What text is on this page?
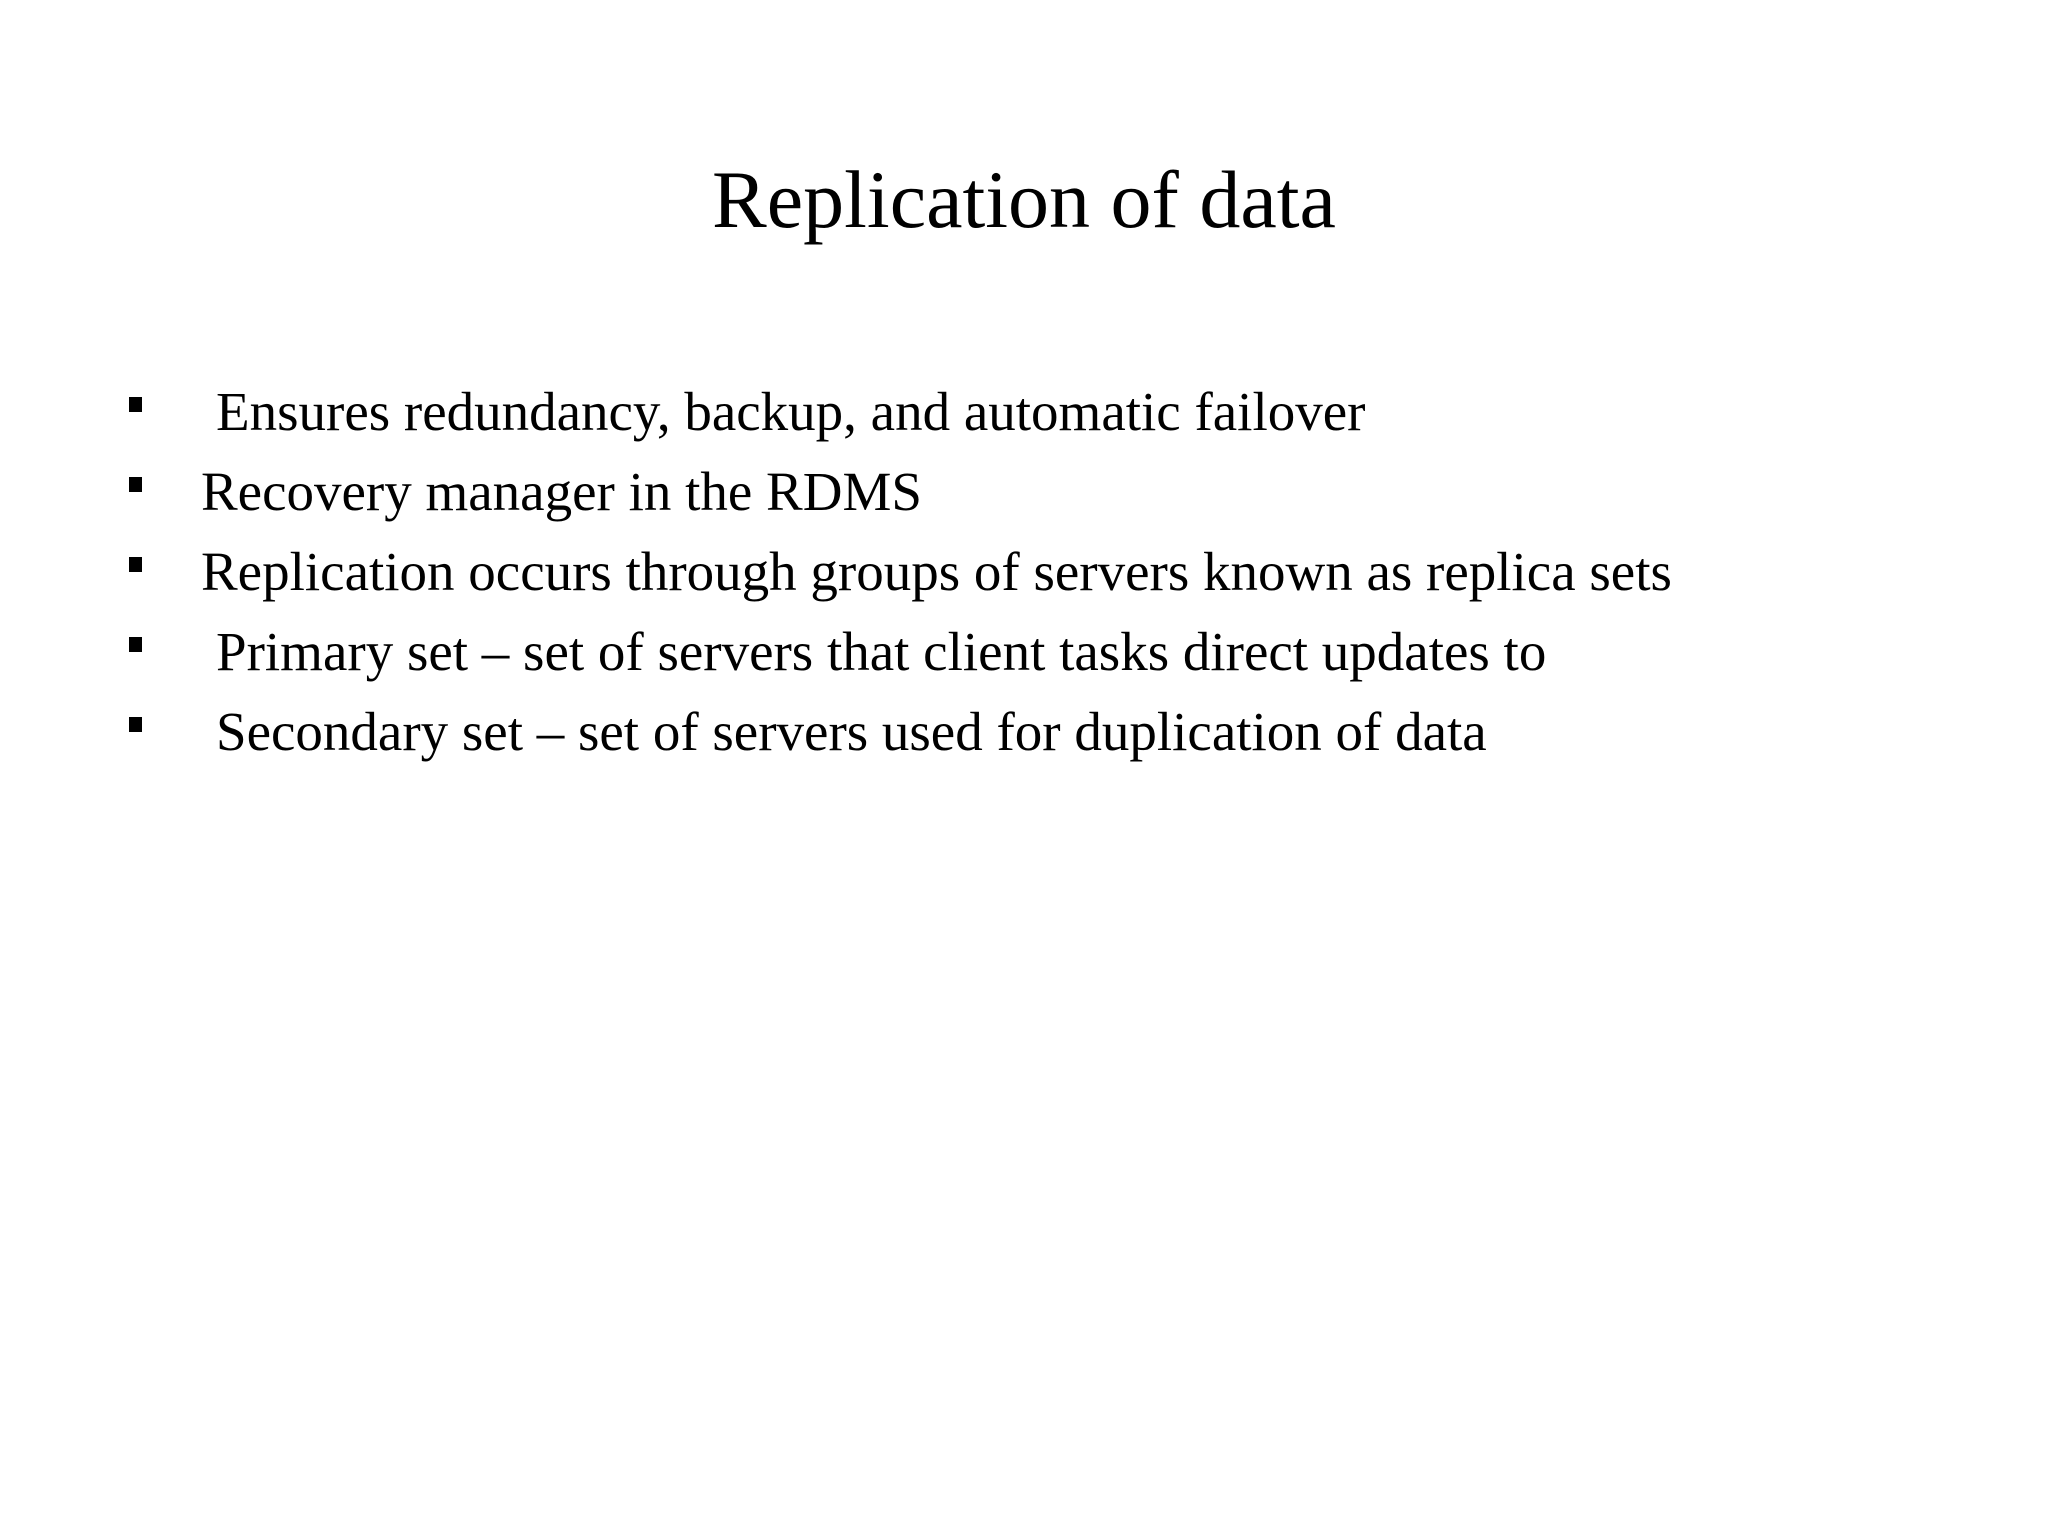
Replication of data
Ensures redundancy, backup, and automatic failover
Recovery manager in the RDMS
Replication occurs through groups of servers known as replica sets
Primary set – set of servers that client tasks direct updates to
Secondary set – set of servers used for duplication of data
